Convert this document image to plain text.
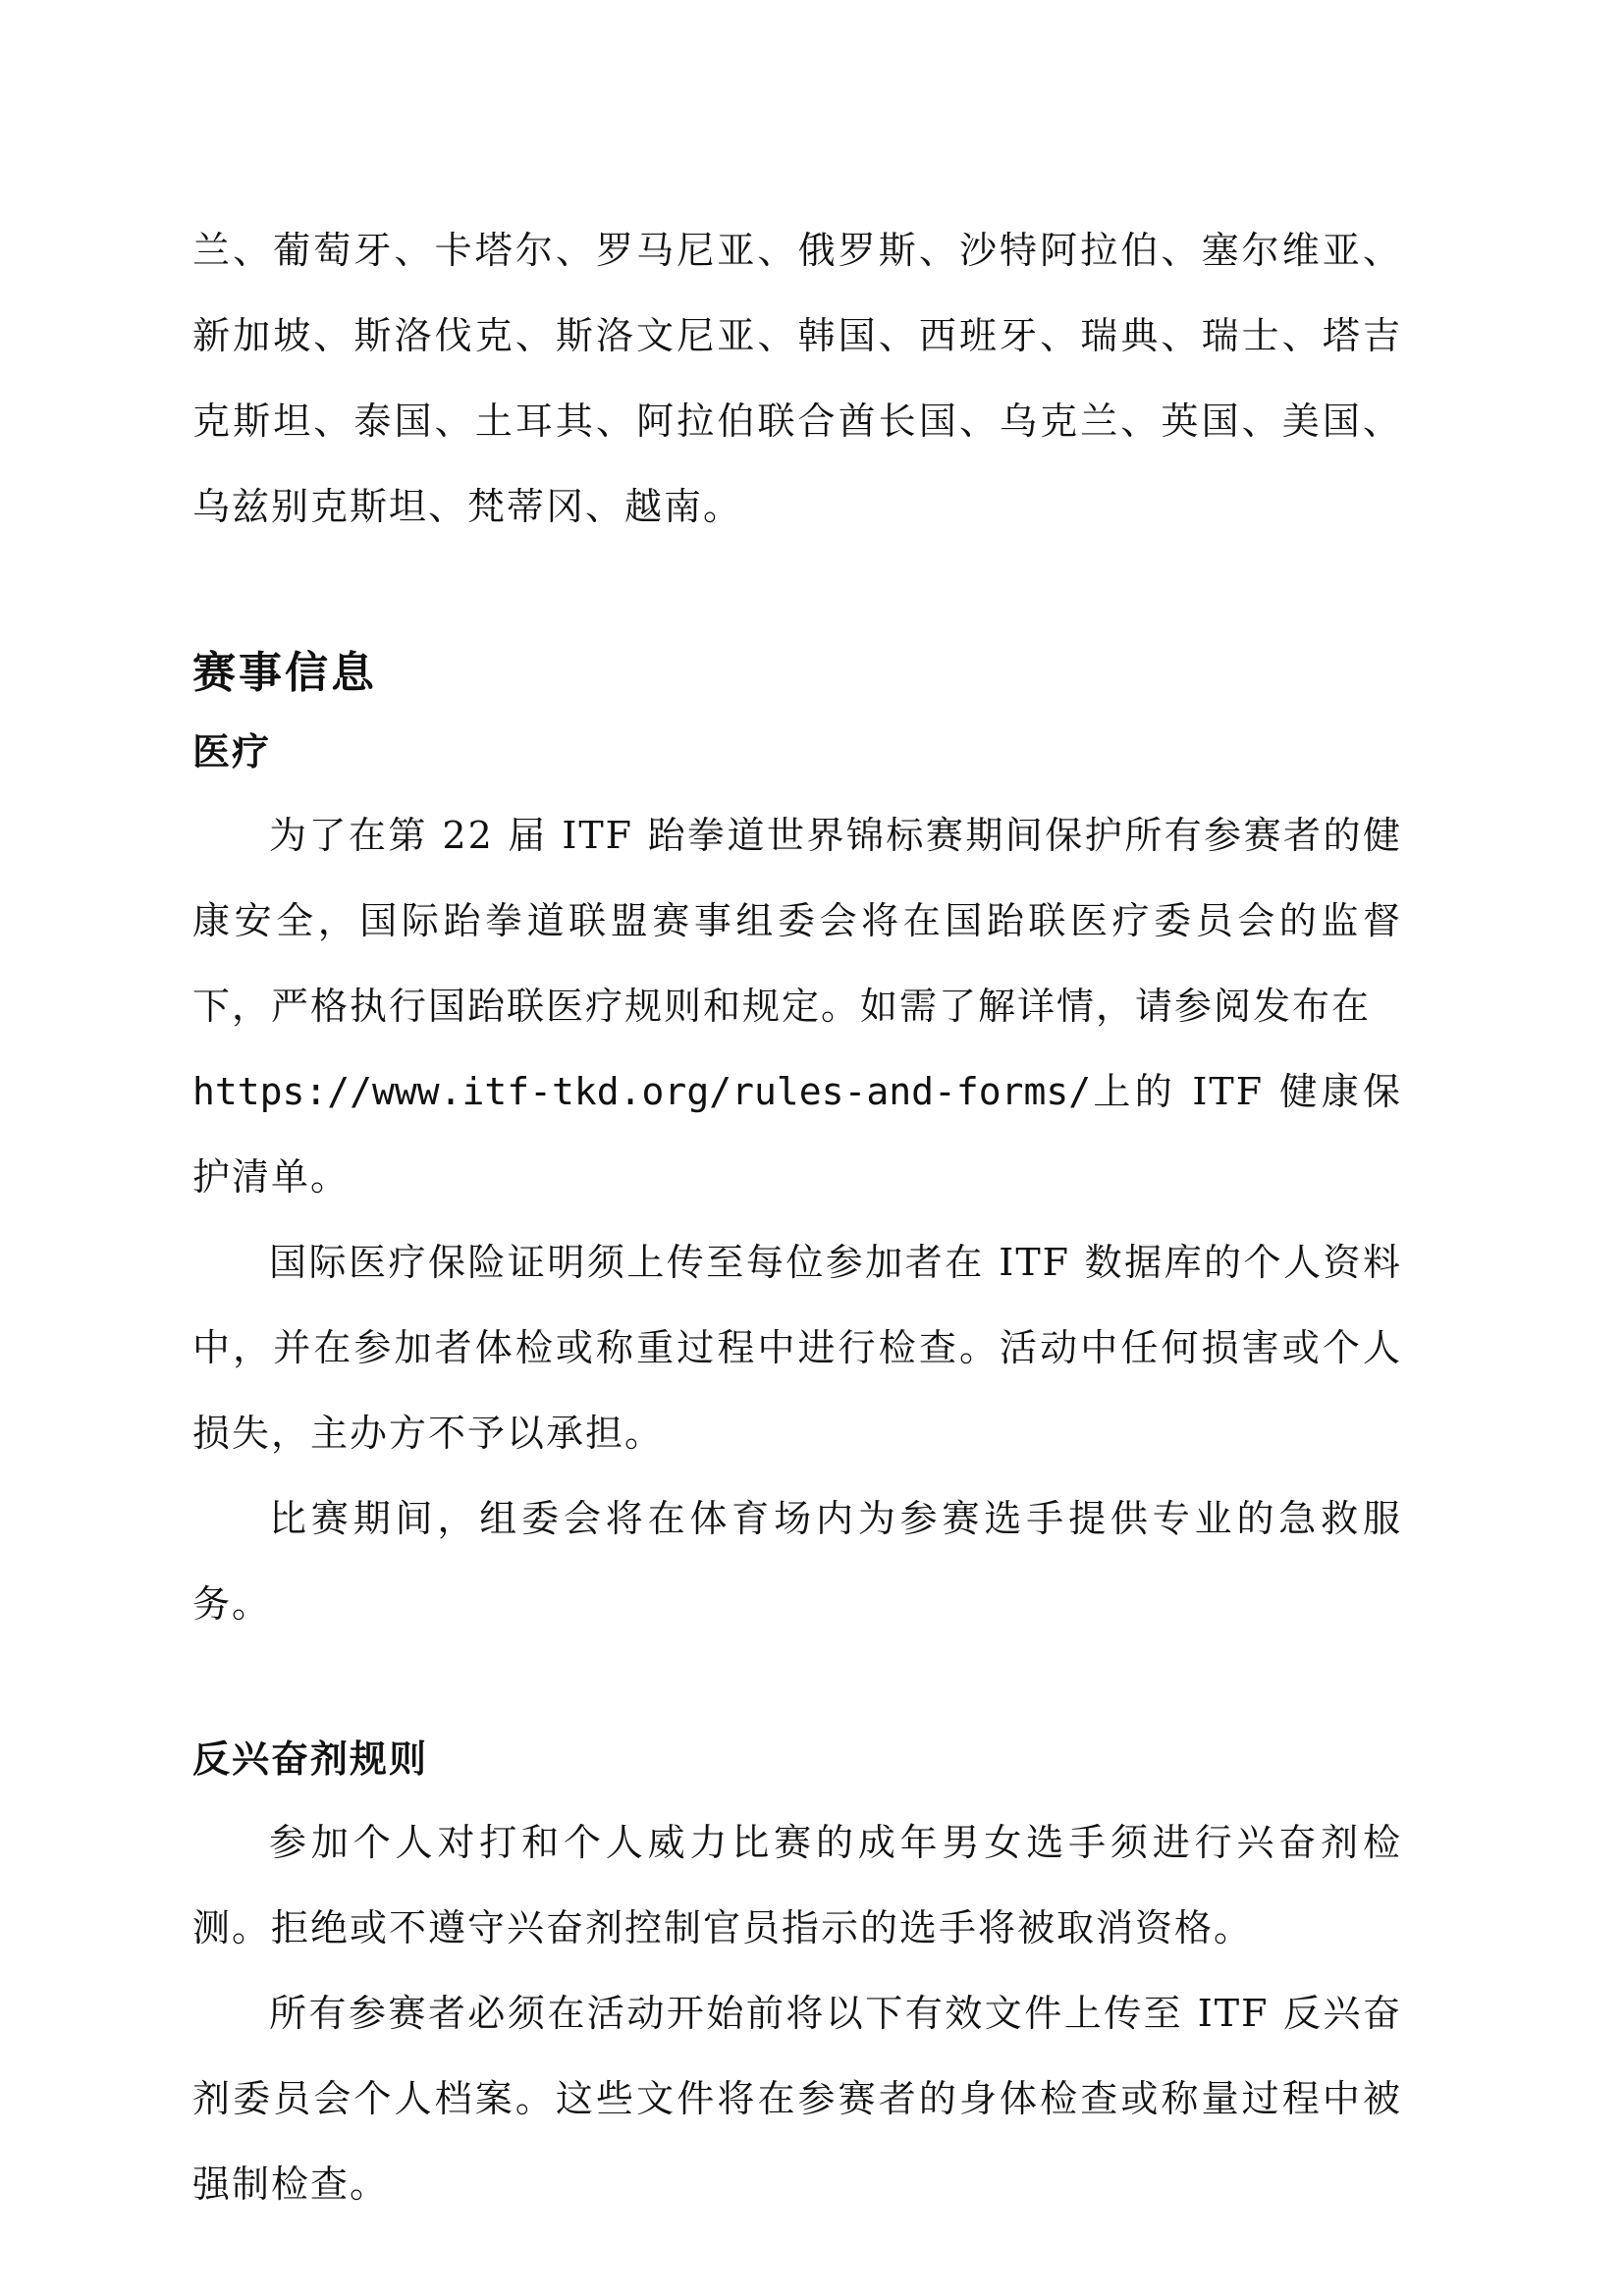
兰、葡萄牙、卡塔尔、罗马尼亚、俄罗斯、沙特阿拉伯、塞尔维亚、新加坡、斯洛伐克、斯洛文尼亚、韩国、西班牙、瑞典、瑞士、塔吉克斯坦、泰国、土耳其、阿拉伯联合酋长国、乌克兰、英国、美国、乌兹别克斯坦、梵蒂冈、越南。

赛事信息
医疗

为了在第 22 届 ITF 跆拳道世界锦标赛期间保护所有参赛者的健康安全，国际跆拳道联盟赛事组委会将在国跆联医疗委员会的监督下，严格执行国跆联医疗规则和规定。如需了解详情，请参阅发布在
https://www.itf-tkd.org/rules-and-forms/上的 ITF 健康保护清单。

国际医疗保险证明须上传至每位参加者在 ITF 数据库的个人资料中，并在参加者体检或称重过程中进行检查。活动中任何损害或个人损失，主办方不予以承担。

比赛期间，组委会将在体育场内为参赛选手提供专业的急救服务。

反兴奋剂规则

参加个人对打和个人威力比赛的成年男女选手须进行兴奋剂检测。拒绝或不遵守兴奋剂控制官员指示的选手将被取消资格。

所有参赛者必须在活动开始前将以下有效文件上传至 ITF 反兴奋剂委员会个人档案。这些文件将在参赛者的身体检查或称量过程中被强制检查。
